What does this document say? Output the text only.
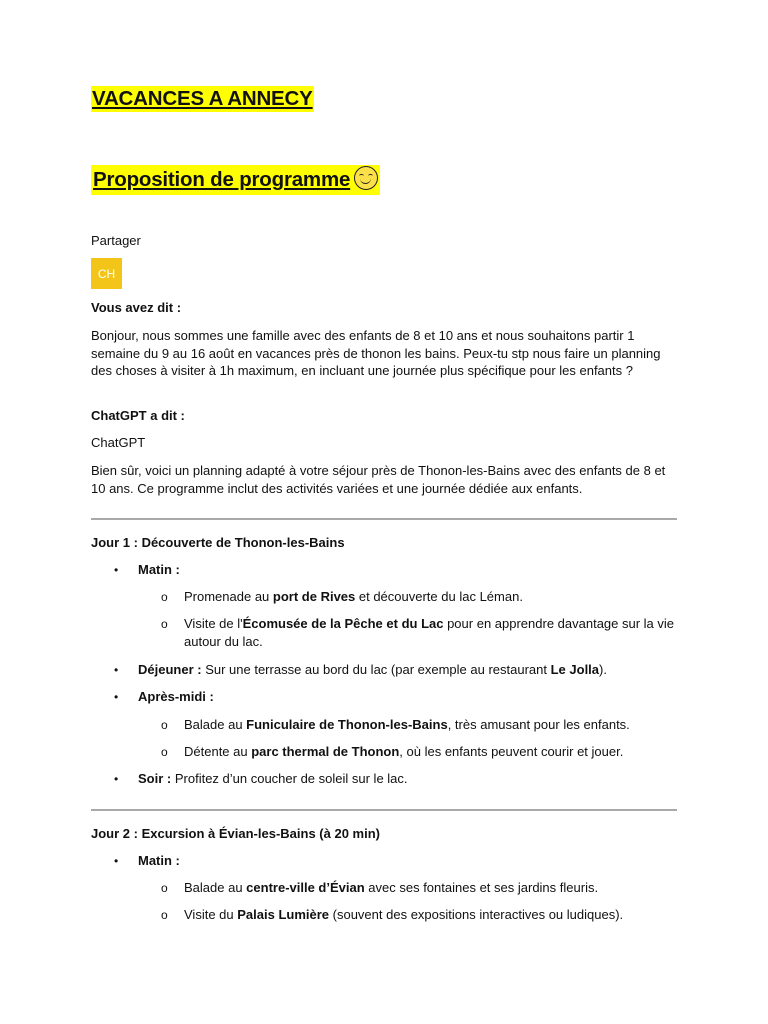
VACANCES A ANNECY
Proposition de programme
Partager
CH
Vous avez dit :
Bonjour, nous sommes une famille avec des enfants de 8 et 10 ans et nous souhaitons partir 1 semaine du 9 au 16 août en vacances près de thonon les bains. Peux-tu stp nous faire un planning des choses à visiter à 1h maximum, en incluant une journée plus spécifique pour les enfants ?
ChatGPT a dit :
ChatGPT
Bien sûr, voici un planning adapté à votre séjour près de Thonon-les-Bains avec des enfants de 8 et 10 ans. Ce programme inclut des activités variées et une journée dédiée aux enfants.
Jour 1 : Découverte de Thonon-les-Bains
• Matin :
o Promenade au port de Rives et découverte du lac Léman.
o Visite de l'Écomusée de la Pêche et du Lac pour en apprendre davantage sur la vie autour du lac.
• Déjeuner : Sur une terrasse au bord du lac (par exemple au restaurant Le Jolla).
• Après-midi :
o Balade au Funiculaire de Thonon-les-Bains, très amusant pour les enfants.
o Détente au parc thermal de Thonon, où les enfants peuvent courir et jouer.
• Soir : Profitez d’un coucher de soleil sur le lac.
Jour 2 : Excursion à Évian-les-Bains (à 20 min)
• Matin :
o Balade au centre-ville d’Évian avec ses fontaines et ses jardins fleuris.
o Visite du Palais Lumière (souvent des expositions interactives ou ludiques).
